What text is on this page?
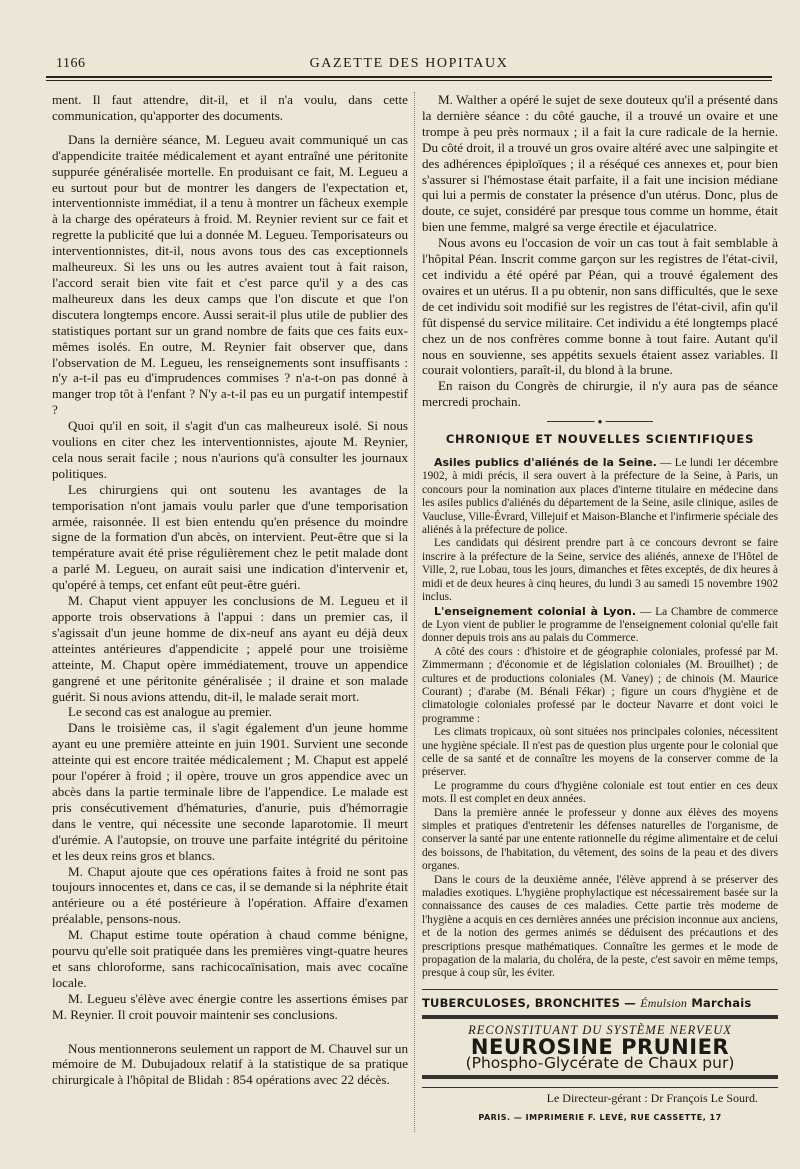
1166	GAZETTE DES HOPITAUX

ment. Il faut attendre, dit-il, et il n'a voulu, dans cette communication, qu'apporter des documents.

Dans la dernière séance, M. Legueu avait communiqué un cas d'appendicite traitée médicalement et ayant entraîné une péritonite suppurée généralisée mortelle. En produisant ce fait, M. Legueu a eu surtout pour but de montrer les dangers de l'expectation et, interventionniste immédiat, il a tenu à montrer un fâcheux exemple à la charge des opérateurs à froid. M. Reynier revient sur ce fait et regrette la publicité que lui a donnée M. Legueu. Temporisateurs ou interventionnistes, dit-il, nous avons tous des cas exceptionnels malheureux. Si les uns ou les autres avaient tout à fait raison, l'accord serait bien vite fait et c'est parce qu'il y a des cas malheureux dans les deux camps que l'on discute et que l'on discutera longtemps encore. Aussi serait-il plus utile de publier des statistiques portant sur un grand nombre de faits que ces faits eux-mêmes isolés. En outre, M. Reynier fait observer que, dans l'observation de M. Legueu, les renseignements sont insuffisants : n'y a-t-il pas eu d'imprudences commises ? n'a-t-on pas donné à manger trop tôt à l'enfant ? N'y a-t-il pas eu un purgatif intempestif ?

Quoi qu'il en soit, il s'agit d'un cas malheureux isolé. Si nous voulions en citer chez les interventionnistes, ajoute M. Reynier, cela nous serait facile ; nous n'aurions qu'à consulter les journaux politiques.

Les chirurgiens qui ont soutenu les avantages de la temporisation n'ont jamais voulu parler que d'une temporisation armée, raisonnée. Il est bien entendu qu'en présence du moindre signe de la formation d'un abcès, on intervient. Peut-être que si la température avait été prise régulièrement chez le petit malade dont a parlé M. Legueu, on aurait saisi une indication d'intervenir et, qu'opéré à temps, cet enfant eût peut-être guéri.

M. Chaput vient appuyer les conclusions de M. Legueu et il apporte trois observations à l'appui : dans un premier cas, il s'agissait d'un jeune homme de dix-neuf ans ayant eu déjà deux atteintes antérieures d'appendicite ; appelé pour une troisième atteinte, M. Chaput opère immédiatement, trouve un appendice gangrené et une péritonite généralisée ; il draine et son malade guérit. Si nous avions attendu, dit-il, le malade serait mort.

Le second cas est analogue au premier.

Dans le troisième cas, il s'agit également d'un jeune homme ayant eu une première atteinte en juin 1901. Survient une seconde atteinte qui est encore traitée médicalement ; M. Chaput est appelé pour l'opérer à froid ; il opère, trouve un gros appendice avec un abcès dans la partie terminale libre de l'appendice. Le malade est pris consécutivement d'hématuries, d'anurie, puis d'hémorragie dans le ventre, qui nécessite une seconde laparotomie. Il meurt d'urémie. A l'autopsie, on trouve une parfaite intégrité du péritoine et les deux reins gros et blancs.

M. Chaput ajoute que ces opérations faites à froid ne sont pas toujours innocentes et, dans ce cas, il se demande si la néphrite était antérieure ou a été postérieure à l'opération. Affaire d'examen préalable, pensons-nous.

M. Chaput estime toute opération à chaud comme bénigne, pourvu qu'elle soit pratiquée dans les premières vingt-quatre heures et sans chloroforme, sans rachicocaïnisation, mais avec cocaïne locale.

M. Legueu s'élève avec énergie contre les assertions émises par M. Reynier. Il croit pouvoir maintenir ses conclusions.

Nous mentionnerons seulement un rapport de M. Chauvel sur un mémoire de M. Dubujadoux relatif à la statistique de sa pratique chirurgicale à l'hôpital de Blidah : 854 opérations avec 22 décès.

M. Walther a opéré le sujet de sexe douteux qu'il a présenté dans la dernière séance : du côté gauche, il a trouvé un ovaire et une trompe à peu près normaux ; il a fait la cure radicale de la hernie. Du côté droit, il a trouvé un gros ovaire altéré avec une salpingite et des adhérences épiploïques ; il a réséqué ces annexes et, pour bien s'assurer si l'hémostase était parfaite, il a fait une incision médiane qui lui a permis de constater la présence d'un utérus. Donc, plus de doute, ce sujet, considéré par presque tous comme un homme, était bien une femme, malgré sa verge érectile et éjaculatrice.

Nous avons eu l'occasion de voir un cas tout à fait semblable à l'hôpital Péan. Inscrit comme garçon sur les registres de l'état-civil, cet individu a été opéré par Péan, qui a trouvé également des ovaires et un utérus. Il a pu obtenir, non sans difficultés, que le sexe de cet individu soit modifié sur les registres de l'état-civil, afin qu'il fût dispensé du service militaire. Cet individu a été longtemps placé chez un de nos confrères comme bonne à tout faire. Autant qu'il nous en souvienne, ses appétits sexuels étaient assez variables. Il courait volontiers, paraît-il, du blond à la brune.

En raison du Congrès de chirurgie, il n'y aura pas de séance mercredi prochain.

●
CHRONIQUE ET NOUVELLES SCIENTIFIQUES

Asiles publics d'aliénés de la Seine. — Le lundi 1er décembre 1902, à midi précis, il sera ouvert à la préfecture de la Seine, à Paris, un concours pour la nomination aux places d'interne titulaire en médecine dans les asiles publics d'aliénés du département de la Seine, asile clinique, asiles de Vaucluse, Ville-Évrard, Villejuif et Maison-Blanche et l'infirmerie spéciale des aliénés à la préfecture de police.

Les candidats qui désirent prendre part à ce concours devront se faire inscrire à la préfecture de la Seine, service des aliénés, annexe de l'Hôtel de Ville, 2, rue Lobau, tous les jours, dimanches et fêtes exceptés, de dix heures à midi et de deux heures à cinq heures, du lundi 3 au samedi 15 novembre 1902 inclus.

L'enseignement colonial à Lyon. — La Chambre de commerce de Lyon vient de publier le programme de l'enseignement colonial qu'elle fait donner depuis trois ans au palais du Commerce.

A côté des cours : d'histoire et de géographie coloniales, professé par M. Zimmermann ; d'économie et de législation coloniales (M. Brouilhet) ; de cultures et de productions coloniales (M. Vaney) ; de chinois (M. Maurice Courant) ; d'arabe (M. Bénali Fékar) ; figure un cours d'hygiène et de climatologie coloniales professé par le docteur Navarre et dont voici le programme :

Les climats tropicaux, où sont situées nos principales colonies, nécessitent une hygiène spéciale. Il n'est pas de question plus urgente pour le colonial que celle de sa santé et de connaître les moyens de la conserver comme de la préserver.

Le programme du cours d'hygiène coloniale est tout entier en ces deux mots. Il est complet en deux années.

Dans la première année le professeur y donne aux élèves des moyens simples et pratiques d'entretenir les défenses naturelles de l'organisme, de conserver la santé par une entente rationnelle du régime alimentaire et de celui des boissons, de l'habitation, du vêtement, des soins de la peau et des divers organes.

Dans le cours de la deuxième année, l'élève apprend à se préserver des maladies exotiques. L'hygiène prophylactique est nécessairement basée sur la connaissance des causes de ces maladies. Cette partie très moderne de l'hygiène a acquis en ces dernières années une précision inconnue aux anciens, et de la notion des germes animés se déduisent des précautions et des prescriptions presque mathématiques. Connaître les germes et le mode de propagation de la malaria, du choléra, de la peste, c'est savoir en même temps, presque à coup sûr, les éviter.

TUBERCULOSES, BRONCHITES — Émulsion Marchais
RECONSTITUANT DU SYSTÈME NERVEUX
NEUROSINE PRUNIER
(Phospho-Glycérate de Chaux pur)
Le Directeur-gérant : Dr François Le Sourd.
PARIS. — IMPRIMERIE F. LEVÉ, RUE CASSETTE, 17
